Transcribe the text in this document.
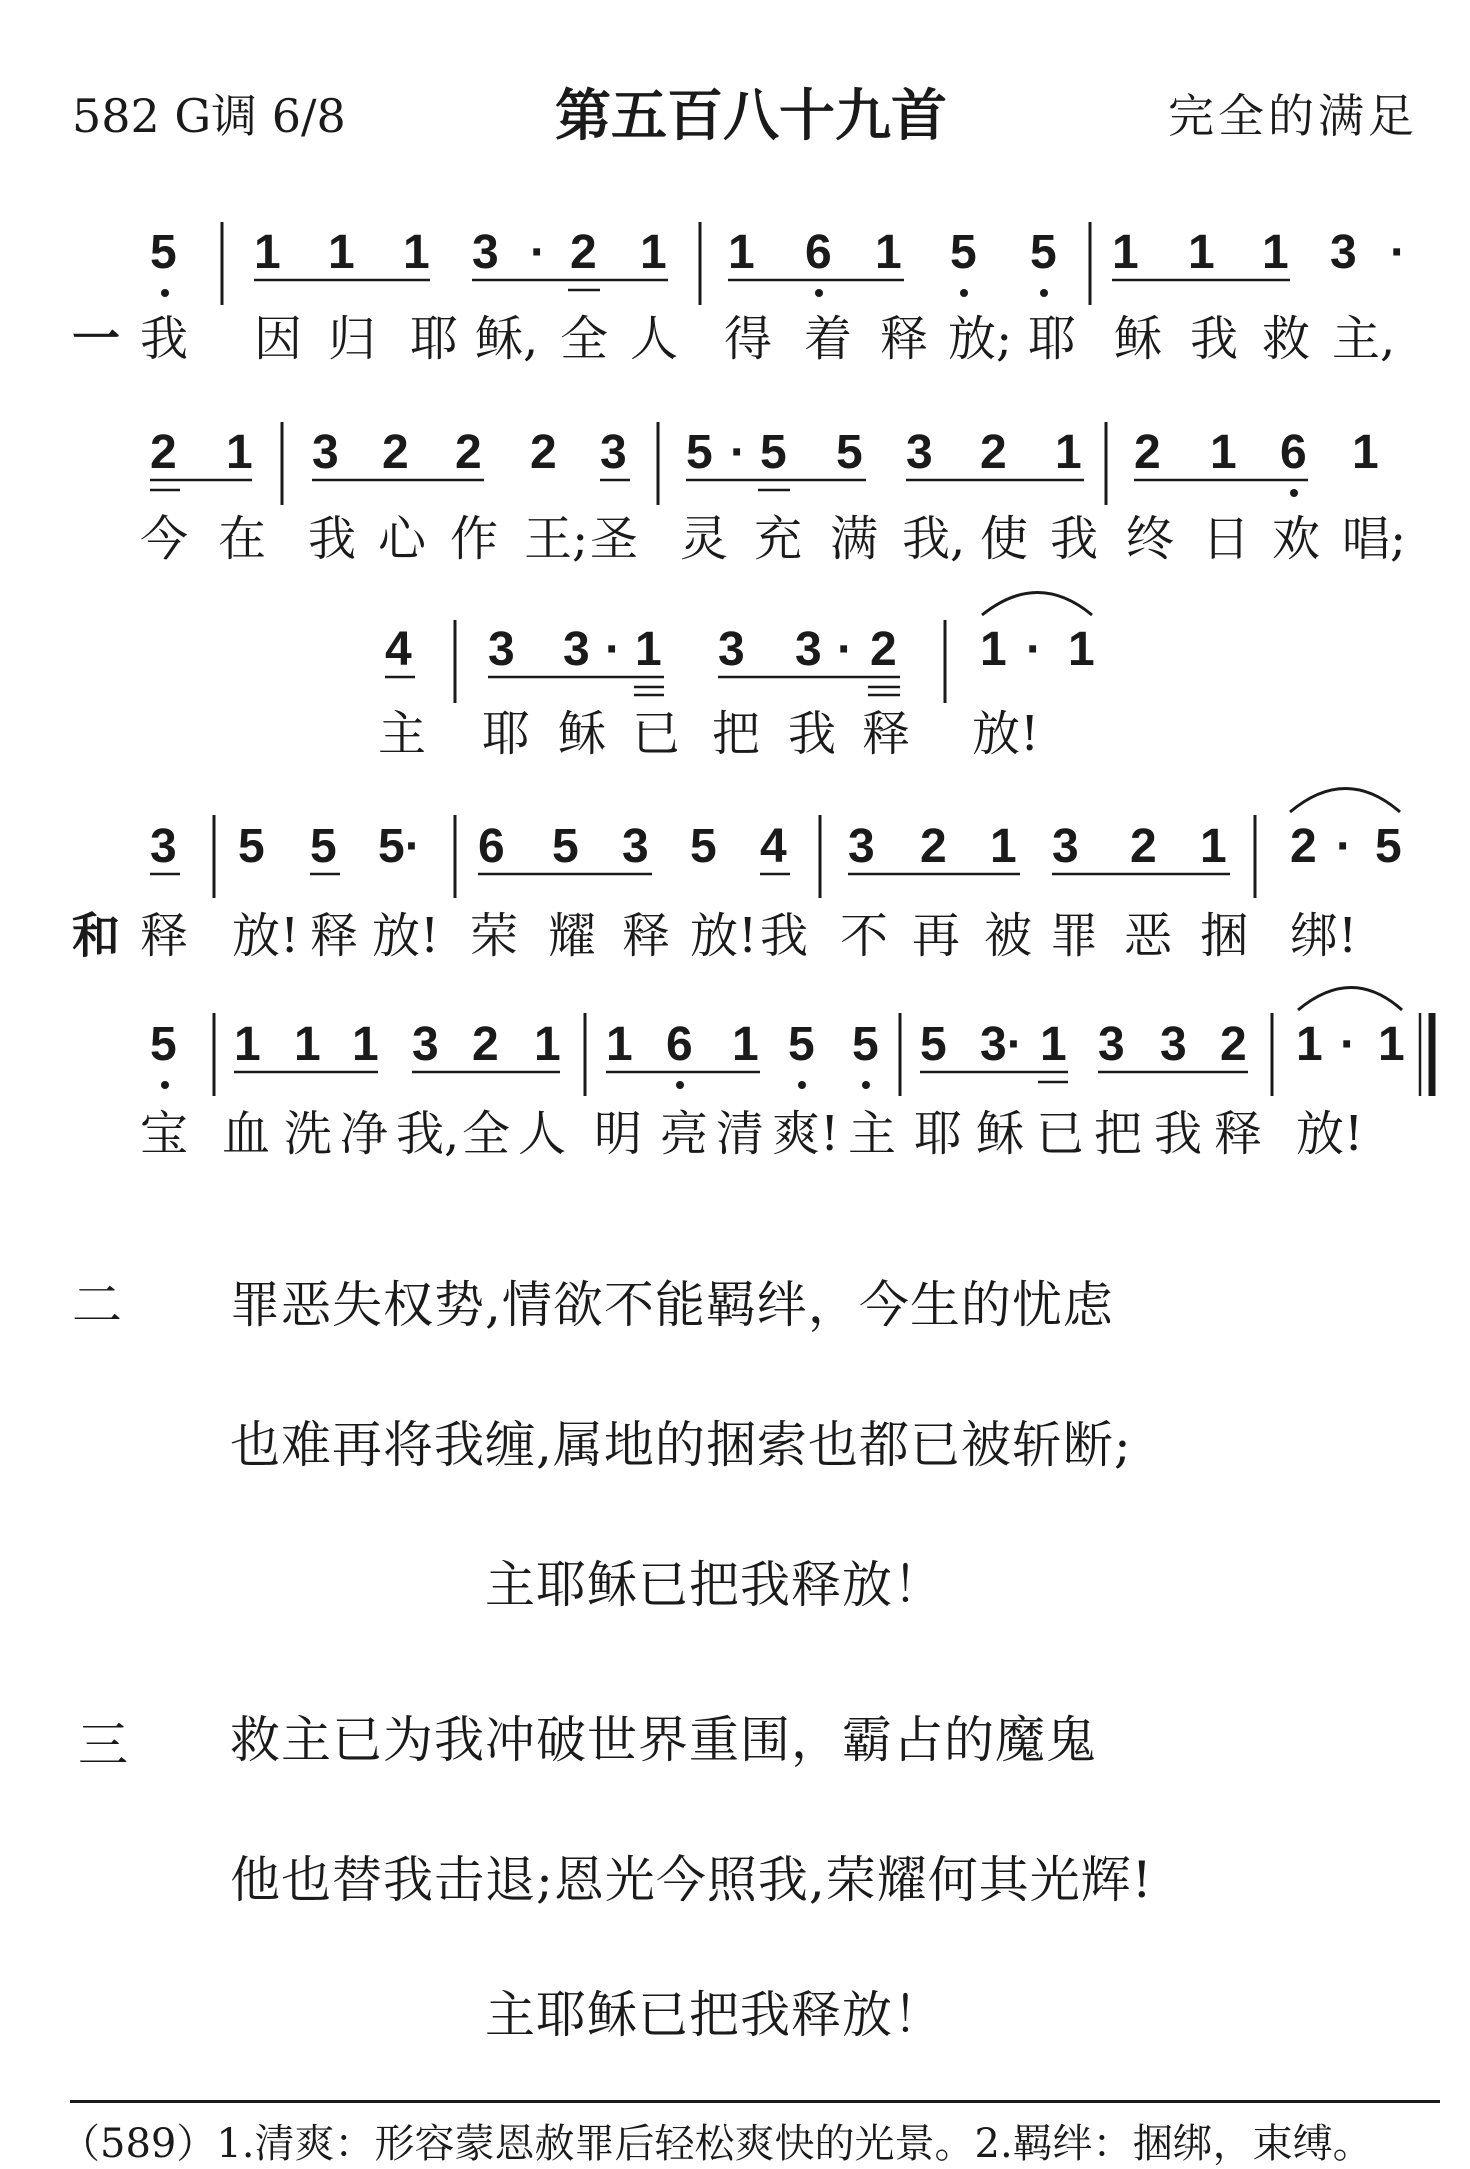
582 G调 6/8	第五百八十九首	完全的满足
5 1 1 1 3 · 2 1 1 6 1 5 5 1 1 1 3 ·
一 我 因 归 耶 稣, 全 人 得 着 释 放; 耶 稣 我 救 主,
2 1 3 2 2 2 3 5 · 5 5 3 2 1 2 1 6 1
今 在 我 心 作 王; 圣 灵 充 满 我, 使 我 终 日 欢 唱;
4 3 3 · 1 3 3 · 2 1 · 1
主 耶 稣 已 把 我 释 放!
3 5 5 5· 6 5 3 5 4 3 2 1 3 2 1 2 · 5
和 释 放! 释 放! 荣 耀 释 放! 我 不 再 被 罪 恶 捆 绑!
5 1 1 1 3 2 1 1 6 1 5 5 5 3· 1 3 3 2 1 · 1
宝 血 洗 净 我, 全 人 明 亮 清 爽! 主 耶 稣 已 把 我 释 放!
二 罪恶失权势,情欲不能羁绊，今生的忧虑
也难再将我缠,属地的捆索也都已被斩断;
主耶稣已把我释放！
三 救主已为我冲破世界重围，霸占的魔鬼
他也替我击退;恩光今照我,荣耀何其光辉!
主耶稣已把我释放！
（589）1.清爽：形容蒙恩赦罪后轻松爽快的光景。2.羁绊：捆绑，束缚。
